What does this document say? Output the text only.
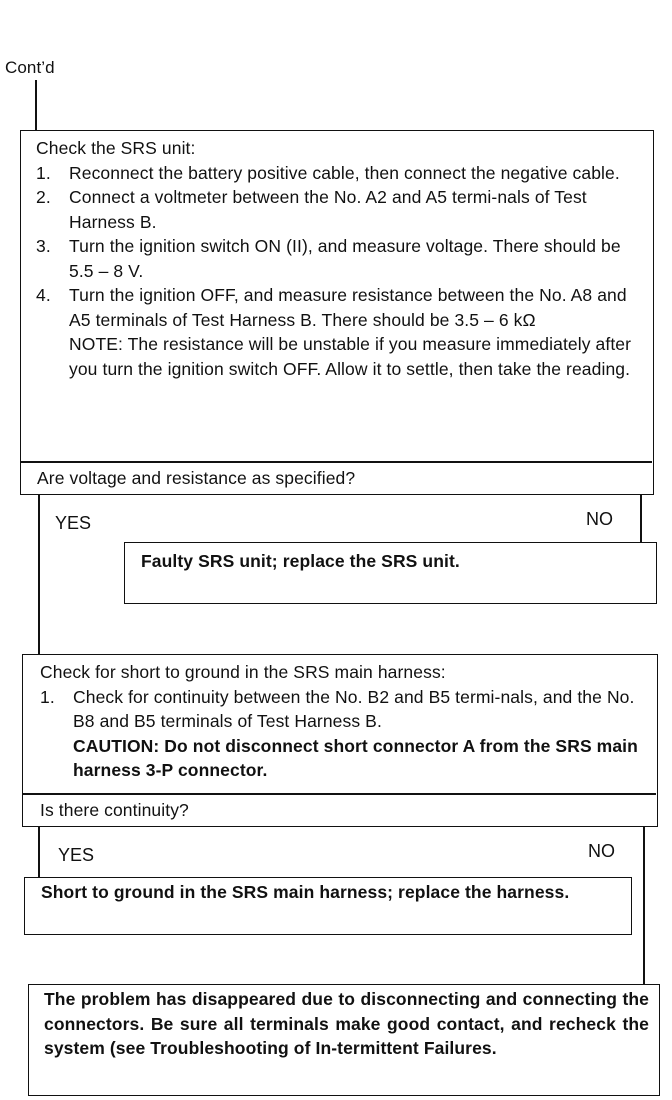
Cont’d
Check the SRS unit:
1. Reconnect the battery positive cable, then connect the negative cable.
2. Connect a voltmeter between the No. A2 and A5 termi-nals of Test Harness B.
3. Turn the ignition switch ON (II), and measure voltage. There should be 5.5 – 8 V.
4. Turn the ignition OFF, and measure resistance between the No. A8 and A5 terminals of Test Harness B. There should be 3.5 – 6 kΩ
NOTE: The resistance will be unstable if you measure immediately after you turn the ignition switch OFF. Allow it to settle, then take the reading.
Are voltage and resistance as specified?
YES	NO
Faulty SRS unit; replace the SRS unit.
Check for short to ground in the SRS main harness:
1. Check for continuity between the No. B2 and B5 termi-nals, and the No. B8 and B5 terminals of Test Harness B.
CAUTION: Do not disconnect short connector A from the SRS main harness 3-P connector.
Is there continuity?
YES	NO
Short to ground in the SRS main harness; replace the harness.
The problem has disappeared due to disconnecting and connecting the connectors. Be sure all terminals make good contact, and recheck the system (see Troubleshooting of In-termittent Failures.
